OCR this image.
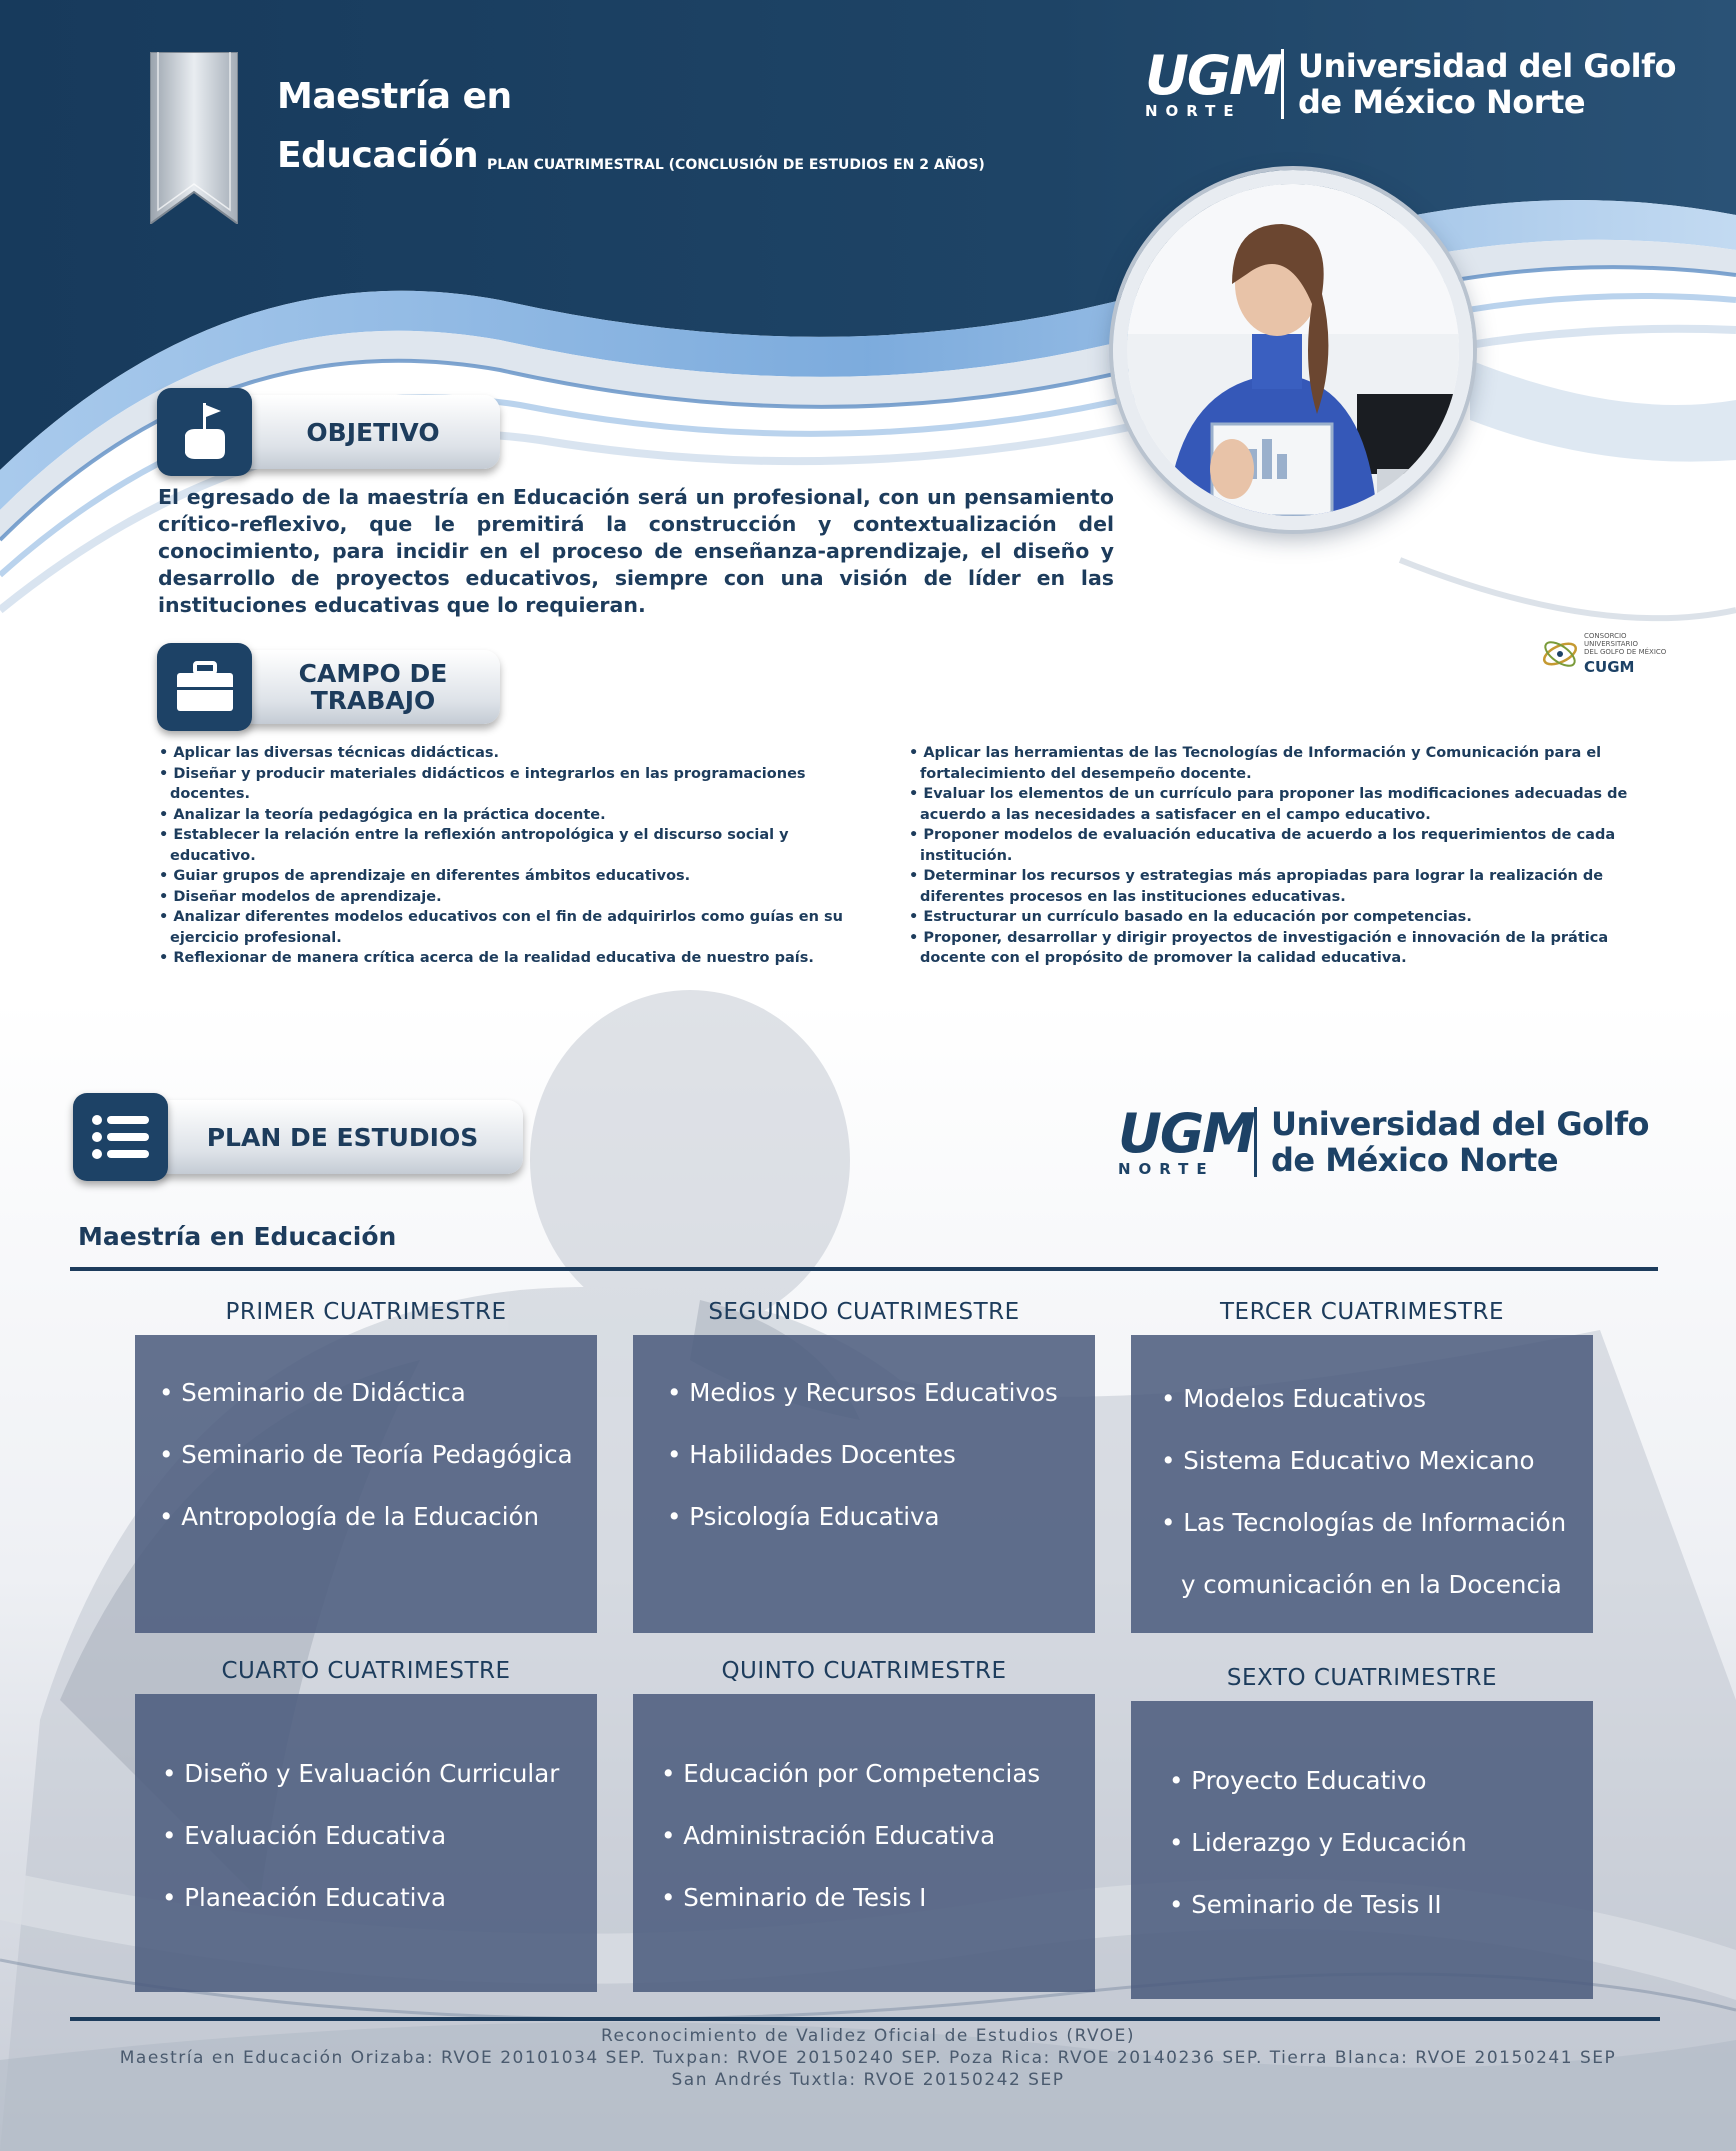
Maestría en
Educación PLAN CUATRIMESTRAL (CONCLUSIÓN DE ESTUDIOS EN 2 AÑOS)
UGM
NORTE
Universidad del Golfo
de México Norte
CONSORCIO
UNIVERSITARIO
DEL GOLFO DE MÉXICO
CUGM
OBJETIVO
El egresado de la maestría en Educación será un profesional, con un pensamiento crítico-reflexivo, que le premitirá la construcción y contextualización del conocimiento, para incidir en el proceso de enseñanza-aprendizaje, el diseño y desarrollo de proyectos educativos, siempre con una visión de líder en las instituciones educativas que lo requieran.
CAMPO DE
TRABAJO
• Aplicar las diversas técnicas didácticas.
• Diseñar y producir materiales didácticos e integrarlos en las programaciones docentes.
• Analizar la teoría pedagógica en la práctica docente.
• Establecer la relación entre la reflexión antropológica y el discurso social y educativo.
• Guiar grupos de aprendizaje en diferentes ámbitos educativos.
• Diseñar modelos de aprendizaje.
• Analizar diferentes modelos educativos con el fin de adquirirlos como guías en su ejercicio profesional.
• Reflexionar de manera crítica acerca de la realidad educativa de nuestro país.
• Aplicar las herramientas de las Tecnologías de Información y Comunicación para el fortalecimiento del desempeño docente.
• Evaluar los elementos de un currículo para proponer las modificaciones adecuadas de acuerdo a las necesidades a satisfacer en el campo educativo.
• Proponer modelos de evaluación educativa de acuerdo a los requerimientos de cada institución.
• Determinar los recursos y estrategias más apropiadas para lograr la realización de diferentes procesos en las instituciones educativas.
• Estructurar un currículo basado en la educación por competencias.
• Proponer, desarrollar y dirigir proyectos de investigación e innovación de la prática docente con el propósito de promover la calidad educativa.
PLAN DE ESTUDIOS	UGM
NORTE
Universidad del Golfo
de México Norte
Maestría en Educación
PRIMER CUATRIMESTRE
• Seminario de Didáctica
• Seminario de Teoría Pedagógica
• Antropología de la Educación
SEGUNDO CUATRIMESTRE
• Medios y Recursos Educativos
• Habilidades Docentes
• Psicología Educativa
TERCER CUATRIMESTRE
• Modelos Educativos
• Sistema Educativo Mexicano
• Las Tecnologías de Información
y comunicación en la Docencia
CUARTO CUATRIMESTRE
• Diseño y Evaluación Curricular
• Evaluación Educativa
• Planeación Educativa
QUINTO CUATRIMESTRE
• Educación por Competencias
• Administración Educativa
• Seminario de Tesis I
SEXTO CUATRIMESTRE
• Proyecto Educativo
• Liderazgo y Educación
• Seminario de Tesis II
Reconocimiento de Validez Oficial de Estudios (RVOE)
Maestría en Educación Orizaba: RVOE 20101034 SEP. Tuxpan: RVOE 20150240 SEP. Poza Rica: RVOE 20140236 SEP. Tierra Blanca: RVOE 20150241 SEP
San Andrés Tuxtla: RVOE 20150242 SEP
